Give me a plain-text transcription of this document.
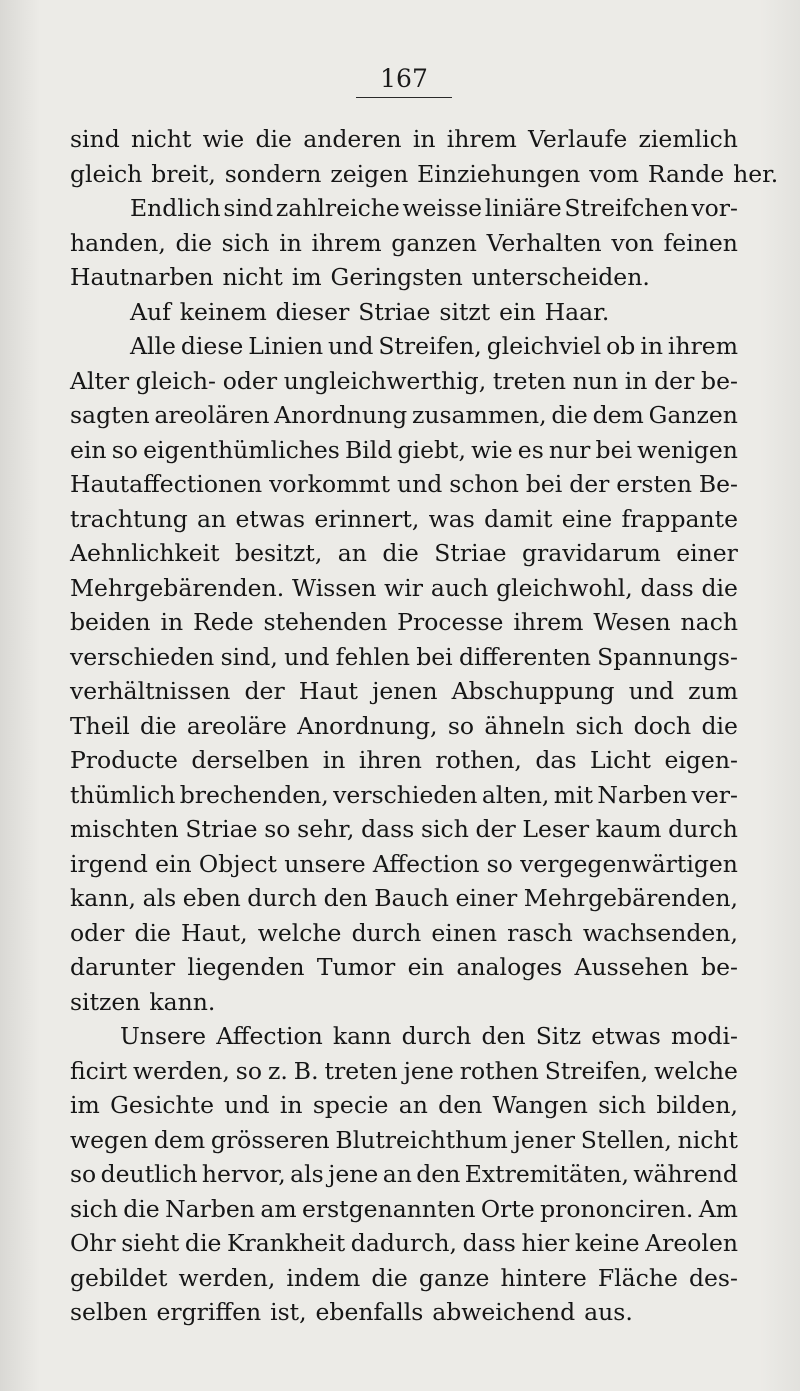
167
sind nicht wie die anderen in ihrem Verlaufe ziemlich
gleich breit, sondern zeigen Einziehungen vom Rande her.
Endlich sind zahlreiche weisse liniäre Streifchen vor-
handen, die sich in ihrem ganzen Verhalten von feinen
Hautnarben nicht im Geringsten unterscheiden.
Auf keinem dieser Striae sitzt ein Haar.
Alle diese Linien und Streifen, gleichviel ob in ihrem
Alter gleich- oder ungleichwerthig, treten nun in der be-
sagten areolären Anordnung zusammen, die dem Ganzen
ein so eigenthümliches Bild giebt, wie es nur bei wenigen
Hautaffectionen vorkommt und schon bei der ersten Be-
trachtung an etwas erinnert, was damit eine frappante
Aehnlichkeit besitzt, an die Striae gravidarum einer
Mehrgebärenden. Wissen wir auch gleichwohl, dass die
beiden in Rede stehenden Processe ihrem Wesen nach
verschieden sind, und fehlen bei differenten Spannungs-
verhältnissen der Haut jenen Abschuppung und zum
Theil die areoläre Anordnung, so ähneln sich doch die
Producte derselben in ihren rothen, das Licht eigen-
thümlich brechenden, verschieden alten, mit Narben ver-
mischten Striae so sehr, dass sich der Leser kaum durch
irgend ein Object unsere Affection so vergegenwärtigen
kann, als eben durch den Bauch einer Mehrgebärenden,
oder die Haut, welche durch einen rasch wachsenden,
darunter liegenden Tumor ein analoges Aussehen be-
sitzen kann.
Unsere Affection kann durch den Sitz etwas modi-
ficirt werden, so z. B. treten jene rothen Streifen, welche
im Gesichte und in specie an den Wangen sich bilden,
wegen dem grösseren Blutreichthum jener Stellen, nicht
so deutlich hervor, als jene an den Extremitäten, während
sich die Narben am erstgenannten Orte prononciren. Am
Ohr sieht die Krankheit dadurch, dass hier keine Areolen
gebildet werden, indem die ganze hintere Fläche des-
selben ergriffen ist, ebenfalls abweichend aus.
